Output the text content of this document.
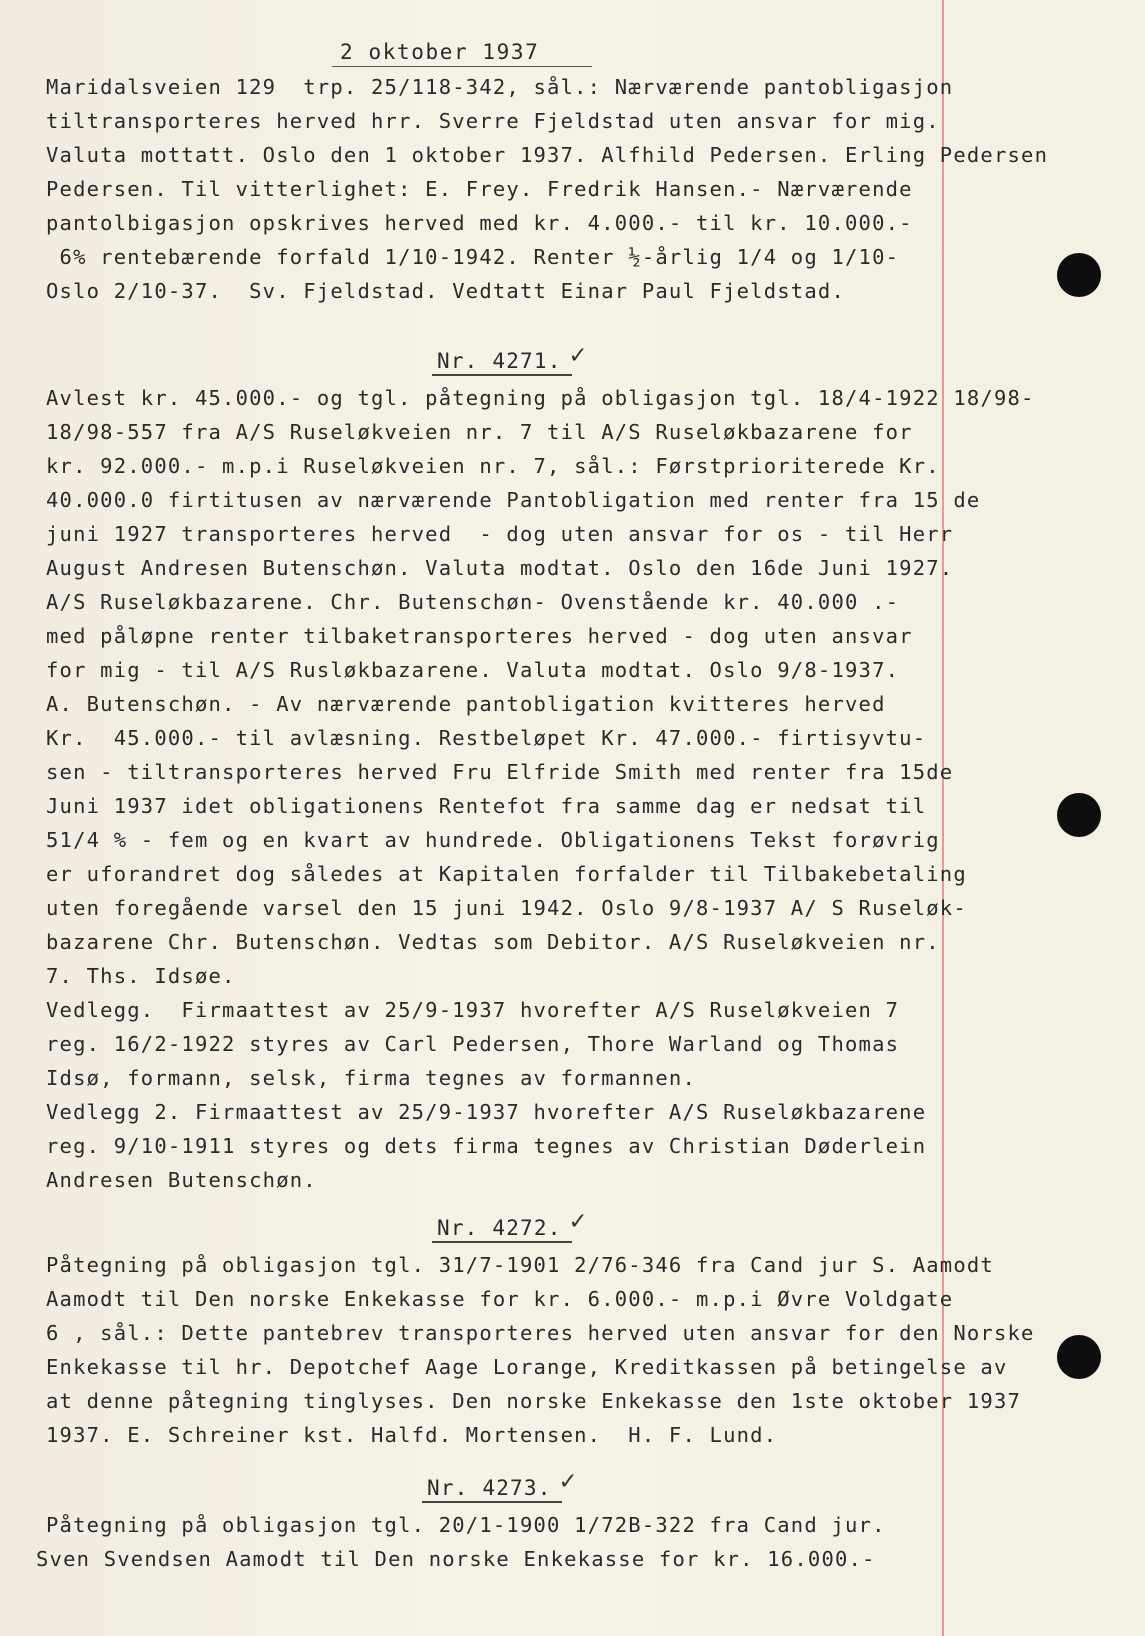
2 oktober 1937
Maridalsveien 129  trp. 25/118-342, sål.: Nærværende pantobligasjon
tiltransporteres herved hrr. Sverre Fjeldstad uten ansvar for mig.
Valuta mottatt. Oslo den 1 oktober 1937. Alfhild Pedersen. Erling Pedersen
Pedersen. Til vitterlighet: E. Frey. Fredrik Hansen.- Nærværende
pantolbigasjon opskrives herved med kr. 4.000.- til kr. 10.000.-
6% rentebærende forfald 1/10-1942. Renter ½-årlig 1/4 og 1/10-
Oslo 2/10-37.  Sv. Fjeldstad. Vedtatt Einar Paul Fjeldstad.
Nr. 4271. ✓
Avlest kr. 45.000.- og tgl. påtegning på obligasjon tgl. 18/4-1922 18/98-
18/98-557 fra A/S Ruseløkveien nr. 7 til A/S Ruseløkbazarene for
kr. 92.000.- m.p.i Ruseløkveien nr. 7, sål.: Førstprioriterede Kr.
40.000.0 firtitusen av nærværende Pantobligation med renter fra 15 de
juni 1927 transporteres herved  - dog uten ansvar for os - til Herr
August Andresen Butenschøn. Valuta modtat. Oslo den 16de Juni 1927.
A/S Ruseløkbazarene. Chr. Butenschøn- Ovenstående kr. 40.000 .-
med påløpne renter tilbaketransporteres herved - dog uten ansvar
for mig - til A/S Rusløkbazarene. Valuta modtat. Oslo 9/8-1937.
A. Butenschøn. - Av nærværende pantobligation kvitteres herved
Kr.  45.000.- til avlæsning. Restbeløpet Kr. 47.000.- firtisyvtu-
sen - tiltransporteres herved Fru Elfride Smith med renter fra 15de
Juni 1937 idet obligationens Rentefot fra samme dag er nedsat til
51/4 % - fem og en kvart av hundrede. Obligationens Tekst forøvrig
er uforandret dog således at Kapitalen forfalder til Tilbakebetaling
uten foregående varsel den 15 juni 1942. Oslo 9/8-1937 A/ S Ruseløk-
bazarene Chr. Butenschøn. Vedtas som Debitor. A/S Ruseløkveien nr.
7. Ths. Idsøe.
Vedlegg.  Firmaattest av 25/9-1937 hvorefter A/S Ruseløkveien 7
reg. 16/2-1922 styres av Carl Pedersen, Thore Warland og Thomas
Idsø, formann, selsk, firma tegnes av formannen.
Vedlegg 2. Firmaattest av 25/9-1937 hvorefter A/S Ruseløkbazarene
reg. 9/10-1911 styres og dets firma tegnes av Christian Døderlein
Andresen Butenschøn.
Nr. 4272. ✓
Påtegning på obligasjon tgl. 31/7-1901 2/76-346 fra Cand jur S. Aamodt
Aamodt til Den norske Enkekasse for kr. 6.000.- m.p.i Øvre Voldgate
6 , sål.: Dette pantebrev transporteres herved uten ansvar for den Norske
Enkekasse til hr. Depotchef Aage Lorange, Kreditkassen på betingelse av
at denne påtegning tinglyses. Den norske Enkekasse den 1ste oktober 1937
1937. E. Schreiner kst. Halfd. Mortensen.  H. F. Lund.
Nr. 4273. ✓
Påtegning på obligasjon tgl. 20/1-1900 1/72B-322 fra Cand jur.
Sven Svendsen Aamodt til Den norske Enkekasse for kr. 16.000.-
